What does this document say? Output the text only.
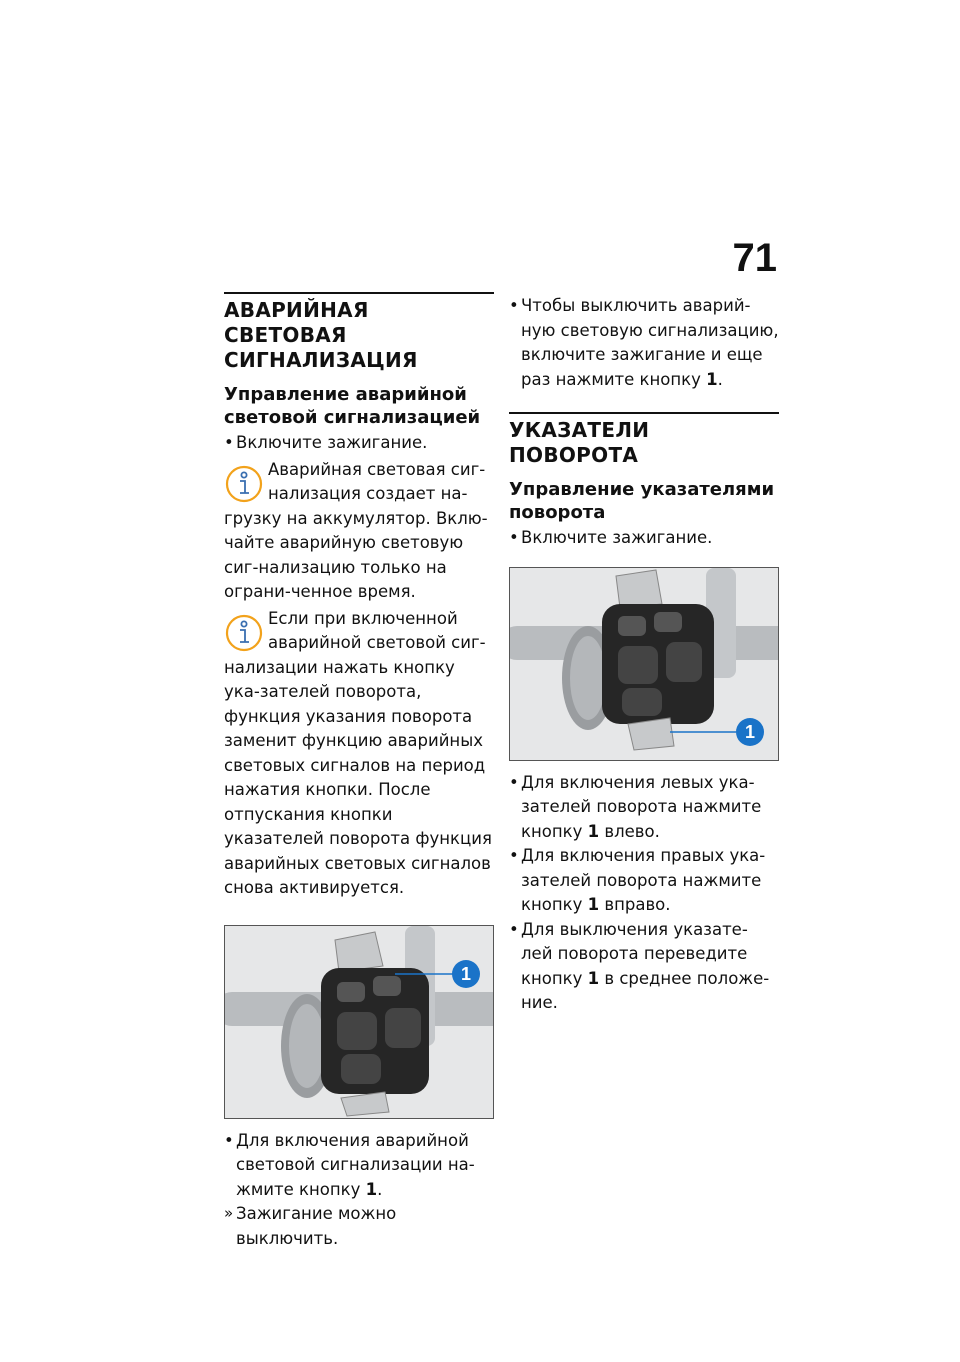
71
АВАРИЙНАЯ СВЕТОВАЯ СИГНАЛИЗАЦИЯ
Управление аварийной световой сигнализацией

• Включите зажигание.

Аварийная световая сиг-

нализация создает на-

грузку на аккумулятор. Вклю-чайте аварийную световую сиг-нализацию только на ограни-ченное время.

Если при включенной

аварийной световой сиг-

нализации нажать кнопку ука-зателей поворота, функция указания поворота заменит функцию аварийных световых сигналов на период нажатия кнопки. После отпускания кнопки указателей поворота функция аварийных световых сигналов снова активируется.

1

• Для включения аварийной световой сигнализации на-жмите кнопку 1.

» Зажигание можно выключить.

• Чтобы выключить аварий-ную световую сигнализацию, включите зажигание и еще раз нажмите кнопку 1.

УКАЗАТЕЛИ ПОВОРОТА
Управление указателями поворота

• Включите зажигание.

1

• Для включения левых ука-зателей поворота нажмите кнопку 1 влево.

• Для включения правых ука-зателей поворота нажмите кнопку 1 вправо.

• Для выключения указате-лей поворота переведите кнопку 1 в среднее положе-ние.
